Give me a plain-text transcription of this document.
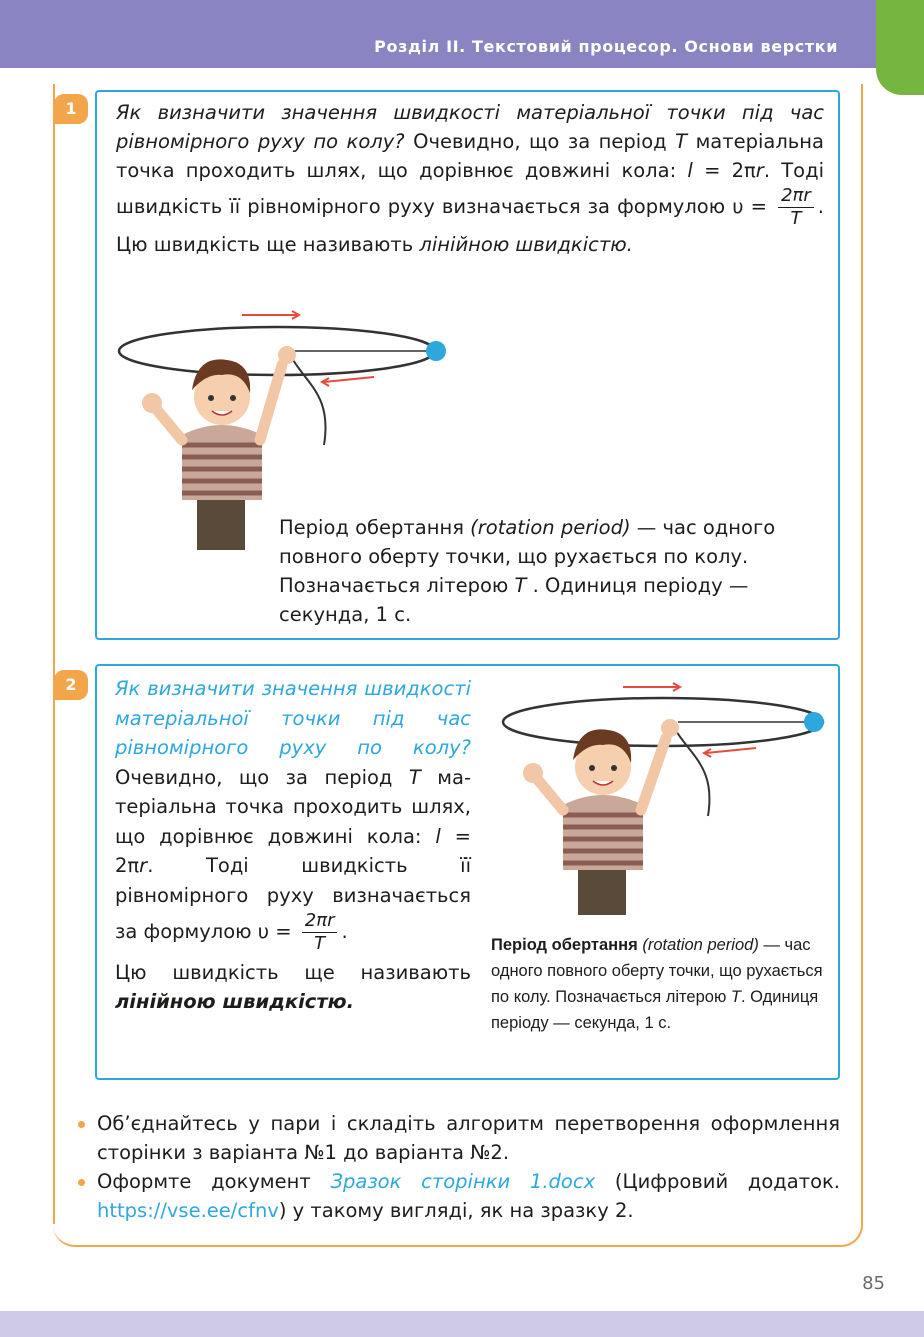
Розділ II. Текстовий процесор. Основи верстки
1	Як визначити значення швидкості матеріальної точки під час рівномірного руху по колу? Очевидно, що за період T матеріальна точка проходить шлях, що дорівнює довжині кола: l = 2πr. Тоді швидкість її рівномірного руху визначається за формулою $\upsilon = \frac{2\pi r}{T}$ . Цю швидкість ще називають лінійною швидкістю.
Період обертання (rotation period) — час одного повного оберту точки, що рухається по колу. Позначається літерою T . Одиниця періоду — секунда, 1 с.
2	Як визначити значення швидкості матеріальної точки під час рівномірного руху по колу? Очевидно, що за період T матеріальна точка проходить шлях, що дорівнює довжині кола: l = 2πr. Тоді швидкість її рівномірного руху визначається за формулою $\upsilon = \frac{2\pi r}{T}$ .
Цю швидкість ще називають лінійною швидкістю.
Період обертання (rotation period) — час одного повного оберту точки, що рухається по колу. Позначається літерою T. Одиниця періоду — секунда, 1 с.
Об’єднайтесь у пари і складіть алгоритм перетворення оформлення сторінки з варіанта №1 до варіанта №2.
Оформте документ Зразок сторінки 1.docx (Цифровий додаток. https://vse.ee/cfnv) у такому вигляді, як на зразку 2.
85
